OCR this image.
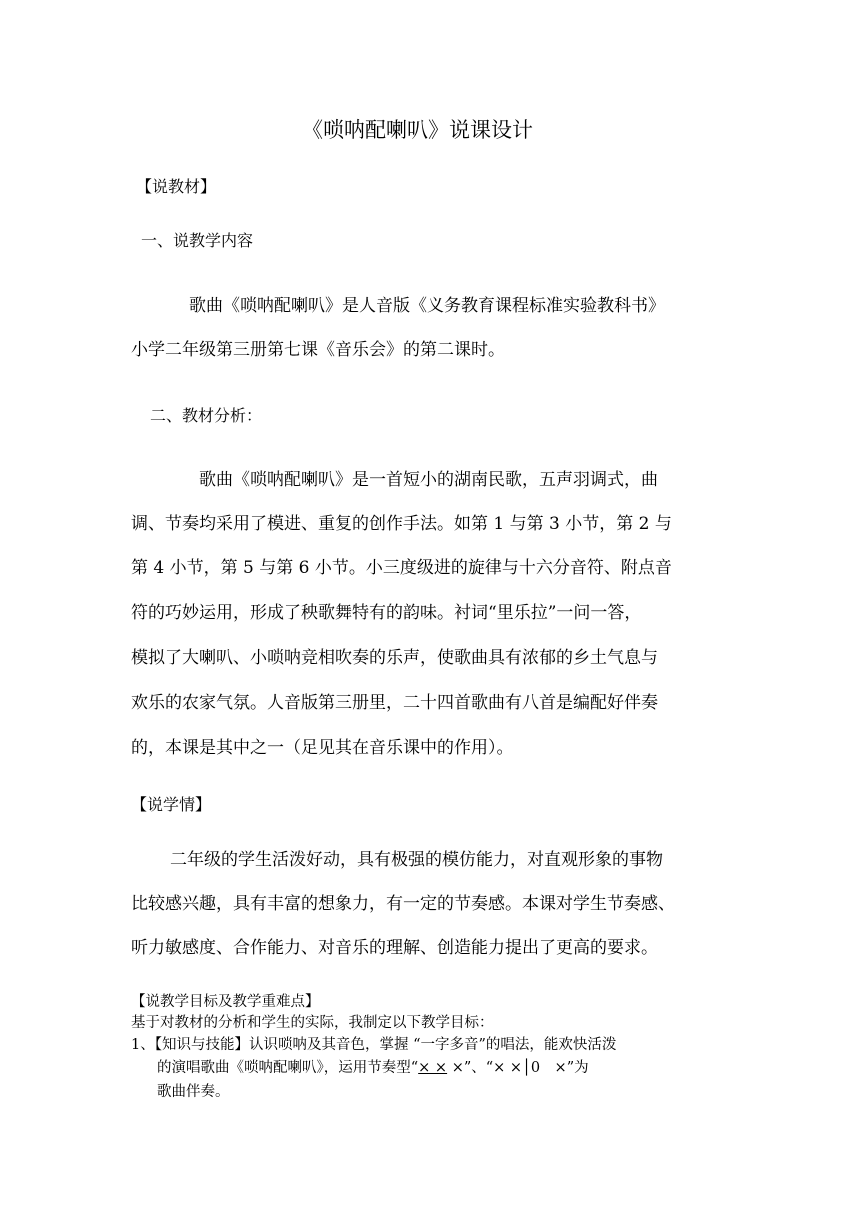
《唢呐配喇叭》说课设计
【说教材】
一、说教学内容
歌曲《唢呐配喇叭》是人音版《义务教育课程标准实验教科书》
小学二年级第三册第七课《音乐会》的第二课时。
二、教材分析：
歌曲《唢呐配喇叭》是一首短小的湖南民歌，五声羽调式，曲
调、节奏均采用了模进、重复的创作手法。如第 1 与第 3 小节，第 2 与
第 4 小节，第 5 与第 6 小节。小三度级进的旋律与十六分音符、附点音
符的巧妙运用，形成了秧歌舞特有的韵味。衬词“里乐拉”一问一答，
模拟了大喇叭、小唢呐竞相吹奏的乐声，使歌曲具有浓郁的乡土气息与
欢乐的农家气氛。人音版第三册里，二十四首歌曲有八首是编配好伴奏
的，本课是其中之一（足见其在音乐课中的作用）。
【说学情】
二年级的学生活泼好动，具有极强的模仿能力，对直观形象的事物
比较感兴趣，具有丰富的想象力，有一定的节奏感。本课对学生节奏感、
听力敏感度、合作能力、对音乐的理解、创造能力提出了更高的要求。
【说教学目标及教学重难点】
基于对教材的分析和学生的实际，我制定以下教学目标：
1、【知识与技能】认识唢呐及其音色，掌握 “一字多音”的唱法，能欢快活泼
的演唱歌曲《唢呐配喇叭》，运用节奏型“× × ×”、“× ×│0　×”为
歌曲伴奏。
